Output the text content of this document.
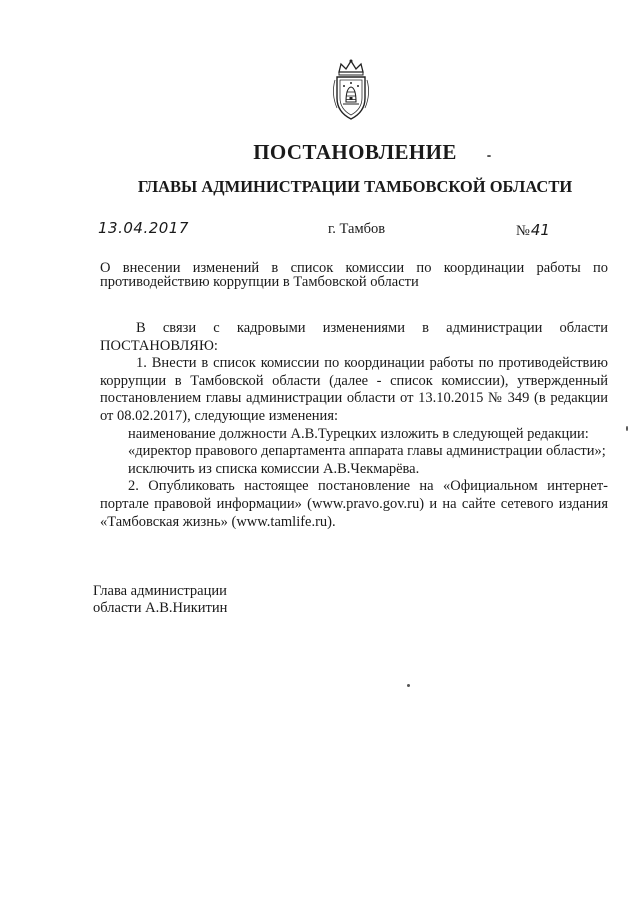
ПОСТАНОВЛЕНИЕ
ГЛАВЫ АДМИНИСТРАЦИИ ТАМБОВСКОЙ ОБЛАСТИ
13.04.2017	г. Тамбов	№41
О внесении изменений в список комиссии по координации работы по противодействию коррупции в Тамбовской области

В связи с кадровыми изменениями в администрации области ПОСТАНОВЛЯЮ:

1. Внести в список комиссии по координации работы по противодействию коррупции в Тамбовской области (далее - список комиссии), утвержденный постановлением главы администрации области от 13.10.2015 № 349 (в редакции от 08.02.2017), следующие изменения:

наименование должности А.В.Турецких изложить в следующей редакции:

«директор правового департамента аппарата главы администрации области»;

исключить из списка комиссии А.В.Чекмарёва.

2. Опубликовать настоящее постановление на «Официальном интернет-портале правовой информации» (www.pravo.gov.ru) и на сайте сетевого издания «Тамбовская жизнь» (www.tamlife.ru).

Глава администрации
области А.В.Никитин
